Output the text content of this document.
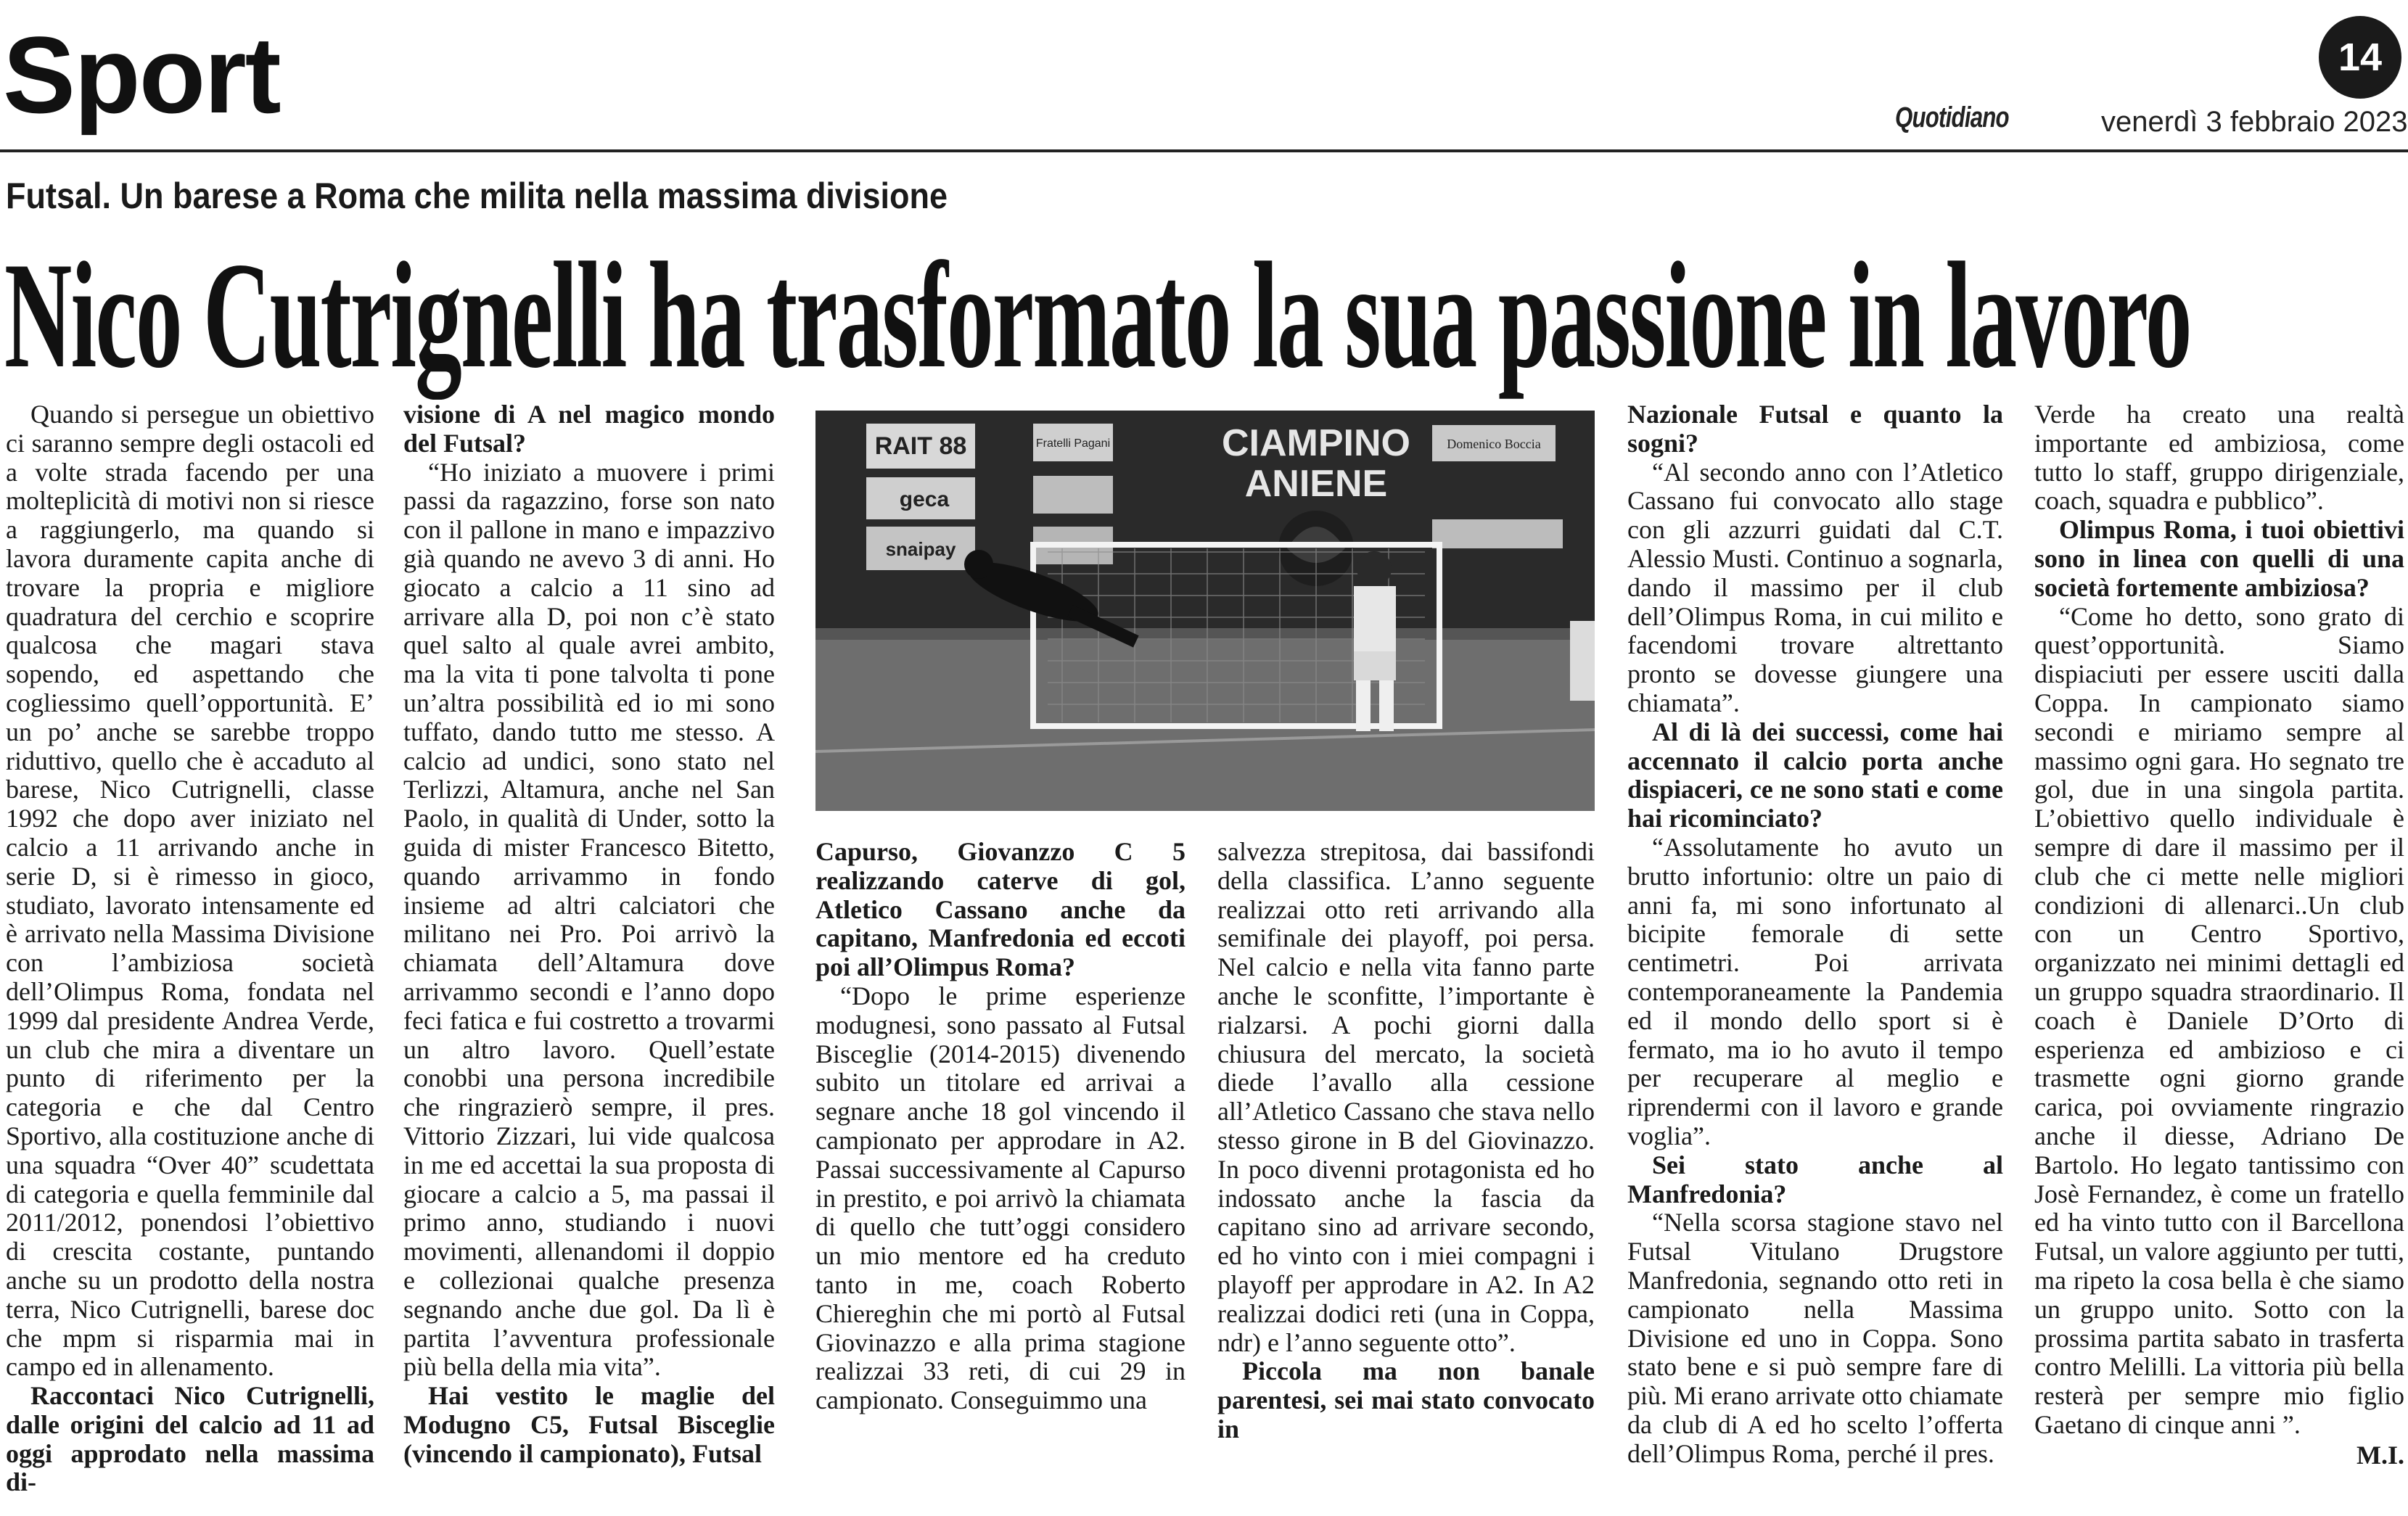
Sport	14
Quotidiano	venerdì 3 febbraio 2023
Futsal. Un barese a Roma che milita nella massima divisione
Nico Cutrignelli ha trasformato la sua passione in lavoro

Quando si persegue un obiettivo ci saranno sempre degli ostacoli ed a volte strada facendo per una molteplicità di motivi non si riesce a raggiungerlo, ma quando si lavora duramente capita anche di trovare la propria e migliore quadratura del cerchio e scoprire qualcosa che magari stava sopendo, ed aspettando che cogliessimo quell’opportunità. E’ un po’ anche se sarebbe troppo riduttivo, quello che è accaduto al barese, Nico Cutrignelli, classe 1992 che dopo aver iniziato nel calcio a 11 arrivando anche in serie D, si è rimesso in gioco, studiato, lavorato intensamente ed è arrivato nella Massima Divisione con l’ambiziosa società dell’Olimpus Roma, fondata nel 1999 dal presidente Andrea Verde, un club che mira a diventare un punto di riferimento per la categoria e che dal Centro Sportivo, alla costituzione anche di una squadra “Over 40” scudettata di categoria e quella femminile dal 2011/2012, ponendosi l’obiettivo di crescita costante, puntando anche su un prodotto della nostra terra, Nico Cutrignelli, barese doc che mpm si risparmia mai in campo ed in allenamento.

Raccontaci Nico Cutrignelli, dalle origini del calcio ad 11 ad oggi approdato nella massima di-

visione di A nel magico mondo del Futsal?

“Ho iniziato a muovere i primi passi da ragazzino, forse son nato con il pallone in mano e impazzivo già quando ne avevo 3 di anni. Ho giocato a calcio a 11 sino ad arrivare alla D, poi non c’è stato quel salto al quale avrei ambito, ma la vita ti pone talvolta ti pone un’altra possibilità ed io mi sono tuffato, dando tutto me stesso. A calcio ad undici, sono stato nel Terlizzi, Altamura, anche nel San Paolo, in qualità di Under, sotto la guida di mister Francesco Bitetto, quando arrivammo in fondo insieme ad altri calciatori che militano nei Pro. Poi arrivò la chiamata dell’Altamura dove arrivammo secondi e l’anno dopo feci fatica e fui costretto a trovarmi un altro lavoro. Quell’estate conobbi una persona incredibile che ringrazierò sempre, il pres. Vittorio Zizzari, lui vide qualcosa in me ed accettai la sua proposta di giocare a calcio a 5, ma passai il primo anno, studiando i nuovi movimenti, allenandomi il doppio e collezionai qualche presenza segnando anche due gol. Da lì è partita l’avventura professionale più bella della mia vita”.

Hai vestito le maglie del Modugno C5, Futsal Bisceglie (vincendo il campionato), Futsal

RAIT 88
geca
snaipay
Fratelli Pagani	CIAMPINO
ANIENE
Domenico Boccia

Capurso, Giovanzzo C 5 realizzando caterve di gol, Atletico Cassano anche da capitano, Manfredonia ed eccoti poi all’Olimpus Roma?

“Dopo le prime esperienze modugnesi, sono passato al Futsal Bisceglie (2014-2015) divenendo subito un titolare ed arrivai a segnare anche 18 gol vincendo il campionato per approdare in A2. Passai successivamente al Capurso in prestito, e poi arrivò la chiamata di quello che tutt’oggi considero un mio mentore ed ha creduto tanto in me, coach Roberto Chiereghin che mi portò al Futsal Giovinazzo e alla prima stagione realizzai 33 reti, di cui 29 in campionato. Conseguimmo una

salvezza strepitosa, dai bassifondi della classifica. L’anno seguente realizzai otto reti arrivando alla semifinale dei playoff, poi persa. Nel calcio e nella vita fanno parte anche le sconfitte, l’importante è rialzarsi. A pochi giorni dalla chiusura del mercato, la società diede l’avallo alla cessione all’Atletico Cassano che stava nello stesso girone in B del Giovinazzo. In poco divenni protagonista ed ho indossato anche la fascia da capitano sino ad arrivare secondo, ed ho vinto con i miei compagni i playoff per approdare in A2. In A2 realizzai dodici reti (una in Coppa, ndr) e l’anno seguente otto”.

Piccola ma non banale parentesi, sei mai stato convocato in

Nazionale Futsal e quanto la sogni?

“Al secondo anno con l’Atletico Cassano fui convocato allo stage con gli azzurri guidati dal C.T. Alessio Musti. Continuo a sognarla, dando il massimo per il club dell’Olimpus Roma, in cui milito e facendomi trovare altrettanto pronto se dovesse giungere una chiamata”.

Al di là dei successi, come hai accennato il calcio porta anche dispiaceri, ce ne sono stati e come hai ricominciato?

“Assolutamente ho avuto un brutto infortunio: oltre un paio di anni fa, mi sono infortunato al bicipite femorale di sette centimetri. Poi arrivata contemporaneamente la Pandemia ed il mondo dello sport si è fermato, ma io ho avuto il tempo per recuperare al meglio e riprendermi con il lavoro e grande voglia”.

Sei stato anche al Manfredonia?

“Nella scorsa stagione stavo nel Futsal Vitulano Drugstore Manfredonia, segnando otto reti in campionato nella Massima Divisione ed uno in Coppa. Sono stato bene e si può sempre fare di più. Mi erano arrivate otto chiamate da club di A ed ho scelto l’offerta dell’Olimpus Roma, perché il pres.

Verde ha creato una realtà importante ed ambiziosa, come tutto lo staff, gruppo dirigenziale, coach, squadra e pubblico”.

Olimpus Roma, i tuoi obiettivi sono in linea con quelli di una società fortemente ambiziosa?

“Come ho detto, sono grato di quest’opportunità. Siamo dispiaciuti per essere usciti dalla Coppa. In campionato siamo secondi e miriamo sempre al massimo ogni gara. Ho segnato tre gol, due in una singola partita. L’obiettivo quello individuale è sempre di dare il massimo per il club che ci mette nelle migliori condizioni di allenarci..Un club con un Centro Sportivo, organizzato nei minimi dettagli ed un gruppo squadra straordinario. Il coach è Daniele D’Orto di esperienza ed ambizioso e ci trasmette ogni giorno grande carica, poi ovviamente ringrazio anche il diesse, Adriano De Bartolo. Ho legato tantissimo con Josè Fernandez, è come un fratello ed ha vinto tutto con il Barcellona Futsal, un valore aggiunto per tutti, ma ripeto la cosa bella è che siamo un gruppo unito. Sotto con la prossima partita sabato in trasferta contro Melilli. La vittoria più bella resterà per sempre mio figlio Gaetano di cinque anni ”.

M.I.
